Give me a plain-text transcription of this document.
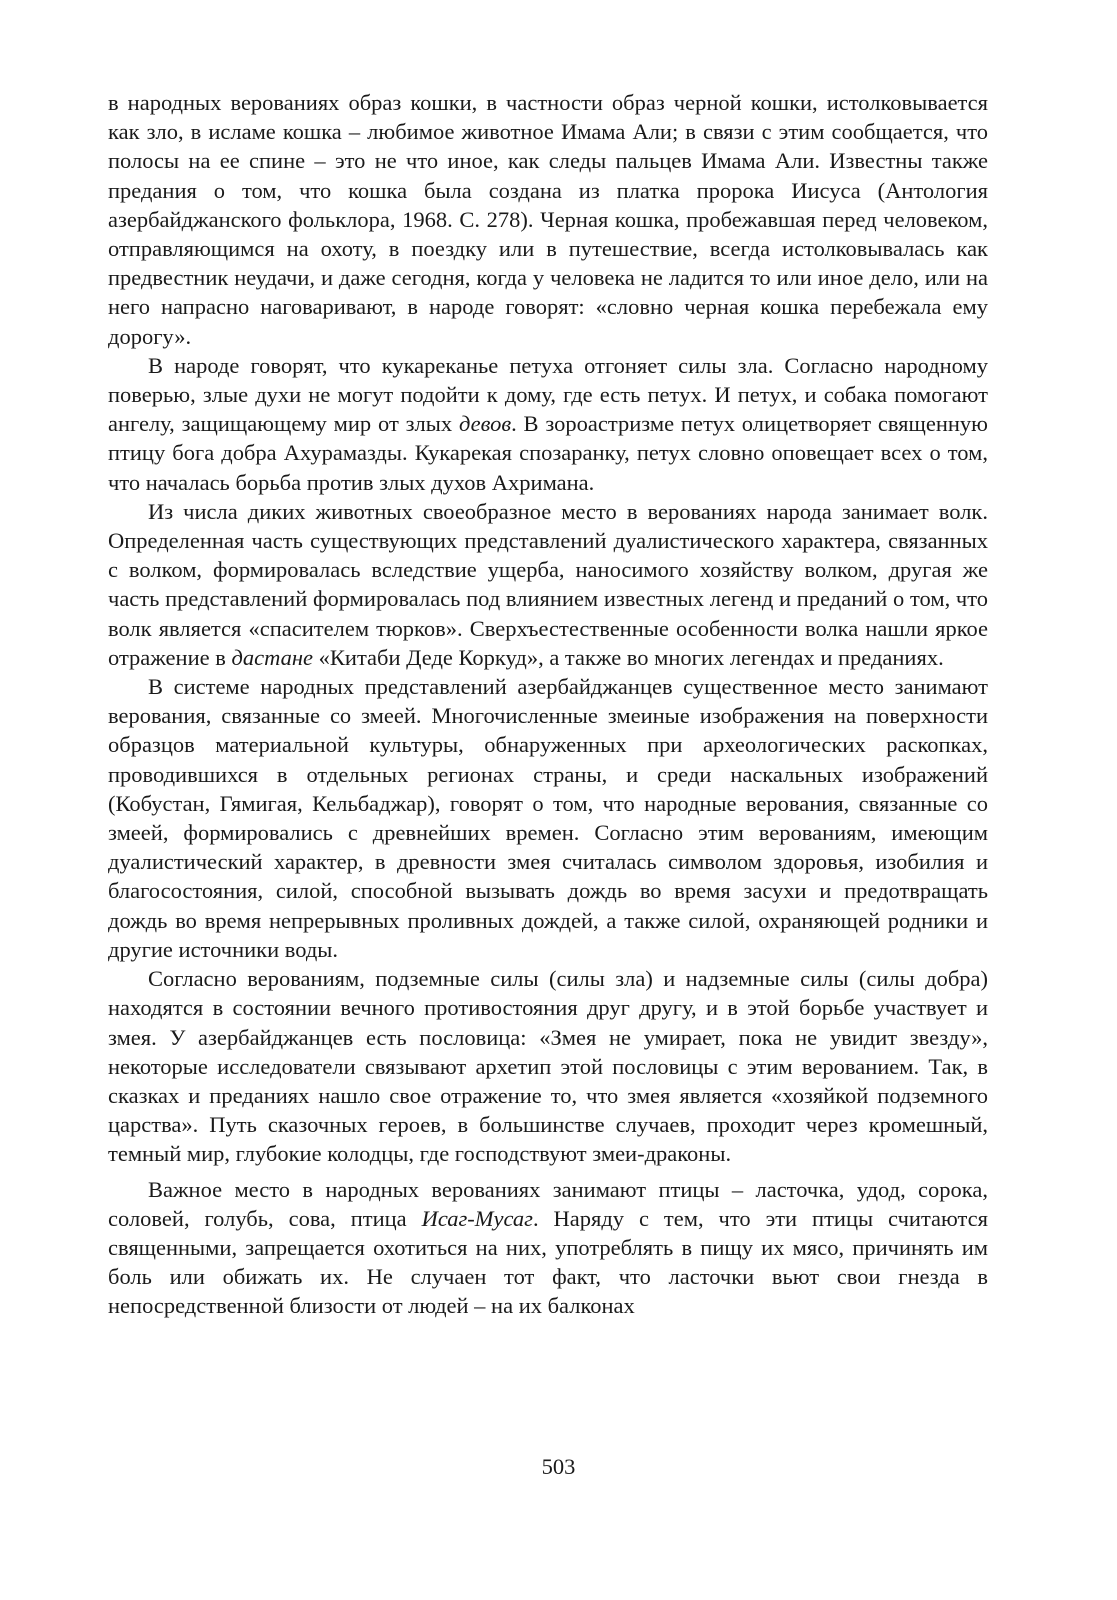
в народных верованиях образ кошки, в частности образ черной кошки, истолковывается как зло, в исламе кошка – любимое животное Имама Али; в связи с этим сообщается, что полосы на ее спине – это не что иное, как следы пальцев Имама Али. Известны также предания о том, что кошка была создана из платка пророка Иисуса (Антология азербайджанского фольклора, 1968. С. 278). Черная кошка, пробежавшая перед человеком, отправляющимся на охоту, в поездку или в путешествие, всегда истолковывалась как предвестник неудачи, и даже сегодня, когда у человека не ладится то или иное дело, или на него напрасно наговаривают, в народе говорят: «словно черная кошка перебежала ему дорогу».

В народе говорят, что кукареканье петуха отгоняет силы зла. Согласно народному поверью, злые духи не могут подойти к дому, где есть петух. И петух, и собака помогают ангелу, защищающему мир от злых девов. В зороастризме петух олицетворяет священную птицу бога добра Ахурамазды. Кукарекая спозаранку, петух словно оповещает всех о том, что началась борьба против злых духов Ахримана.

Из числа диких животных своеобразное место в верованиях народа занимает волк. Определенная часть существующих представлений дуалистического характера, связанных с волком, формировалась вследствие ущерба, наносимого хозяйству волком, другая же часть представлений формировалась под влиянием известных легенд и преданий о том, что волк является «спасителем тюрков». Сверхъестественные особенности волка нашли яркое отражение в дастане «Китаби Деде Коркуд», а также во многих легендах и преданиях.

В системе народных представлений азербайджанцев существенное место занимают верования, связанные со змеей. Многочисленные змеиные изображения на поверхности образцов материальной культуры, обнаруженных при археологических раскопках, проводившихся в отдельных регионах страны, и среди наскальных изображений (Кобустан, Гямигая, Кельбаджар), говорят о том, что народные верования, связанные со змеей, формировались с древнейших времен. Согласно этим верованиям, имеющим дуалистический характер, в древности змея считалась символом здоровья, изобилия и благосостояния, силой, способной вызывать дождь во время засухи и предотвращать дождь во время непрерывных проливных дождей, а также силой, охраняющей родники и другие источники воды.

Согласно верованиям, подземные силы (силы зла) и надземные силы (силы добра) находятся в состоянии вечного противостояния друг другу, и в этой борьбе участвует и змея. У азербайджанцев есть пословица: «Змея не умирает, пока не увидит звезду», некоторые исследователи связывают архетип этой пословицы с этим верованием. Так, в сказках и преданиях нашло свое отражение то, что змея является «хозяйкой подземного царства». Путь сказочных героев, в большинстве случаев, проходит через кромешный, темный мир, глубокие колодцы, где господствуют змеи-драконы.

Важное место в народных верованиях занимают птицы – ласточка, удод, сорока, соловей, голубь, сова, птица Исаг-Мусаг. Наряду с тем, что эти птицы считаются священными, запрещается охотиться на них, употреблять в пищу их мясо, причинять им боль или обижать их. Не случаен тот факт, что ласточки вьют свои гнезда в непосредственной близости от людей – на их балконах

503
